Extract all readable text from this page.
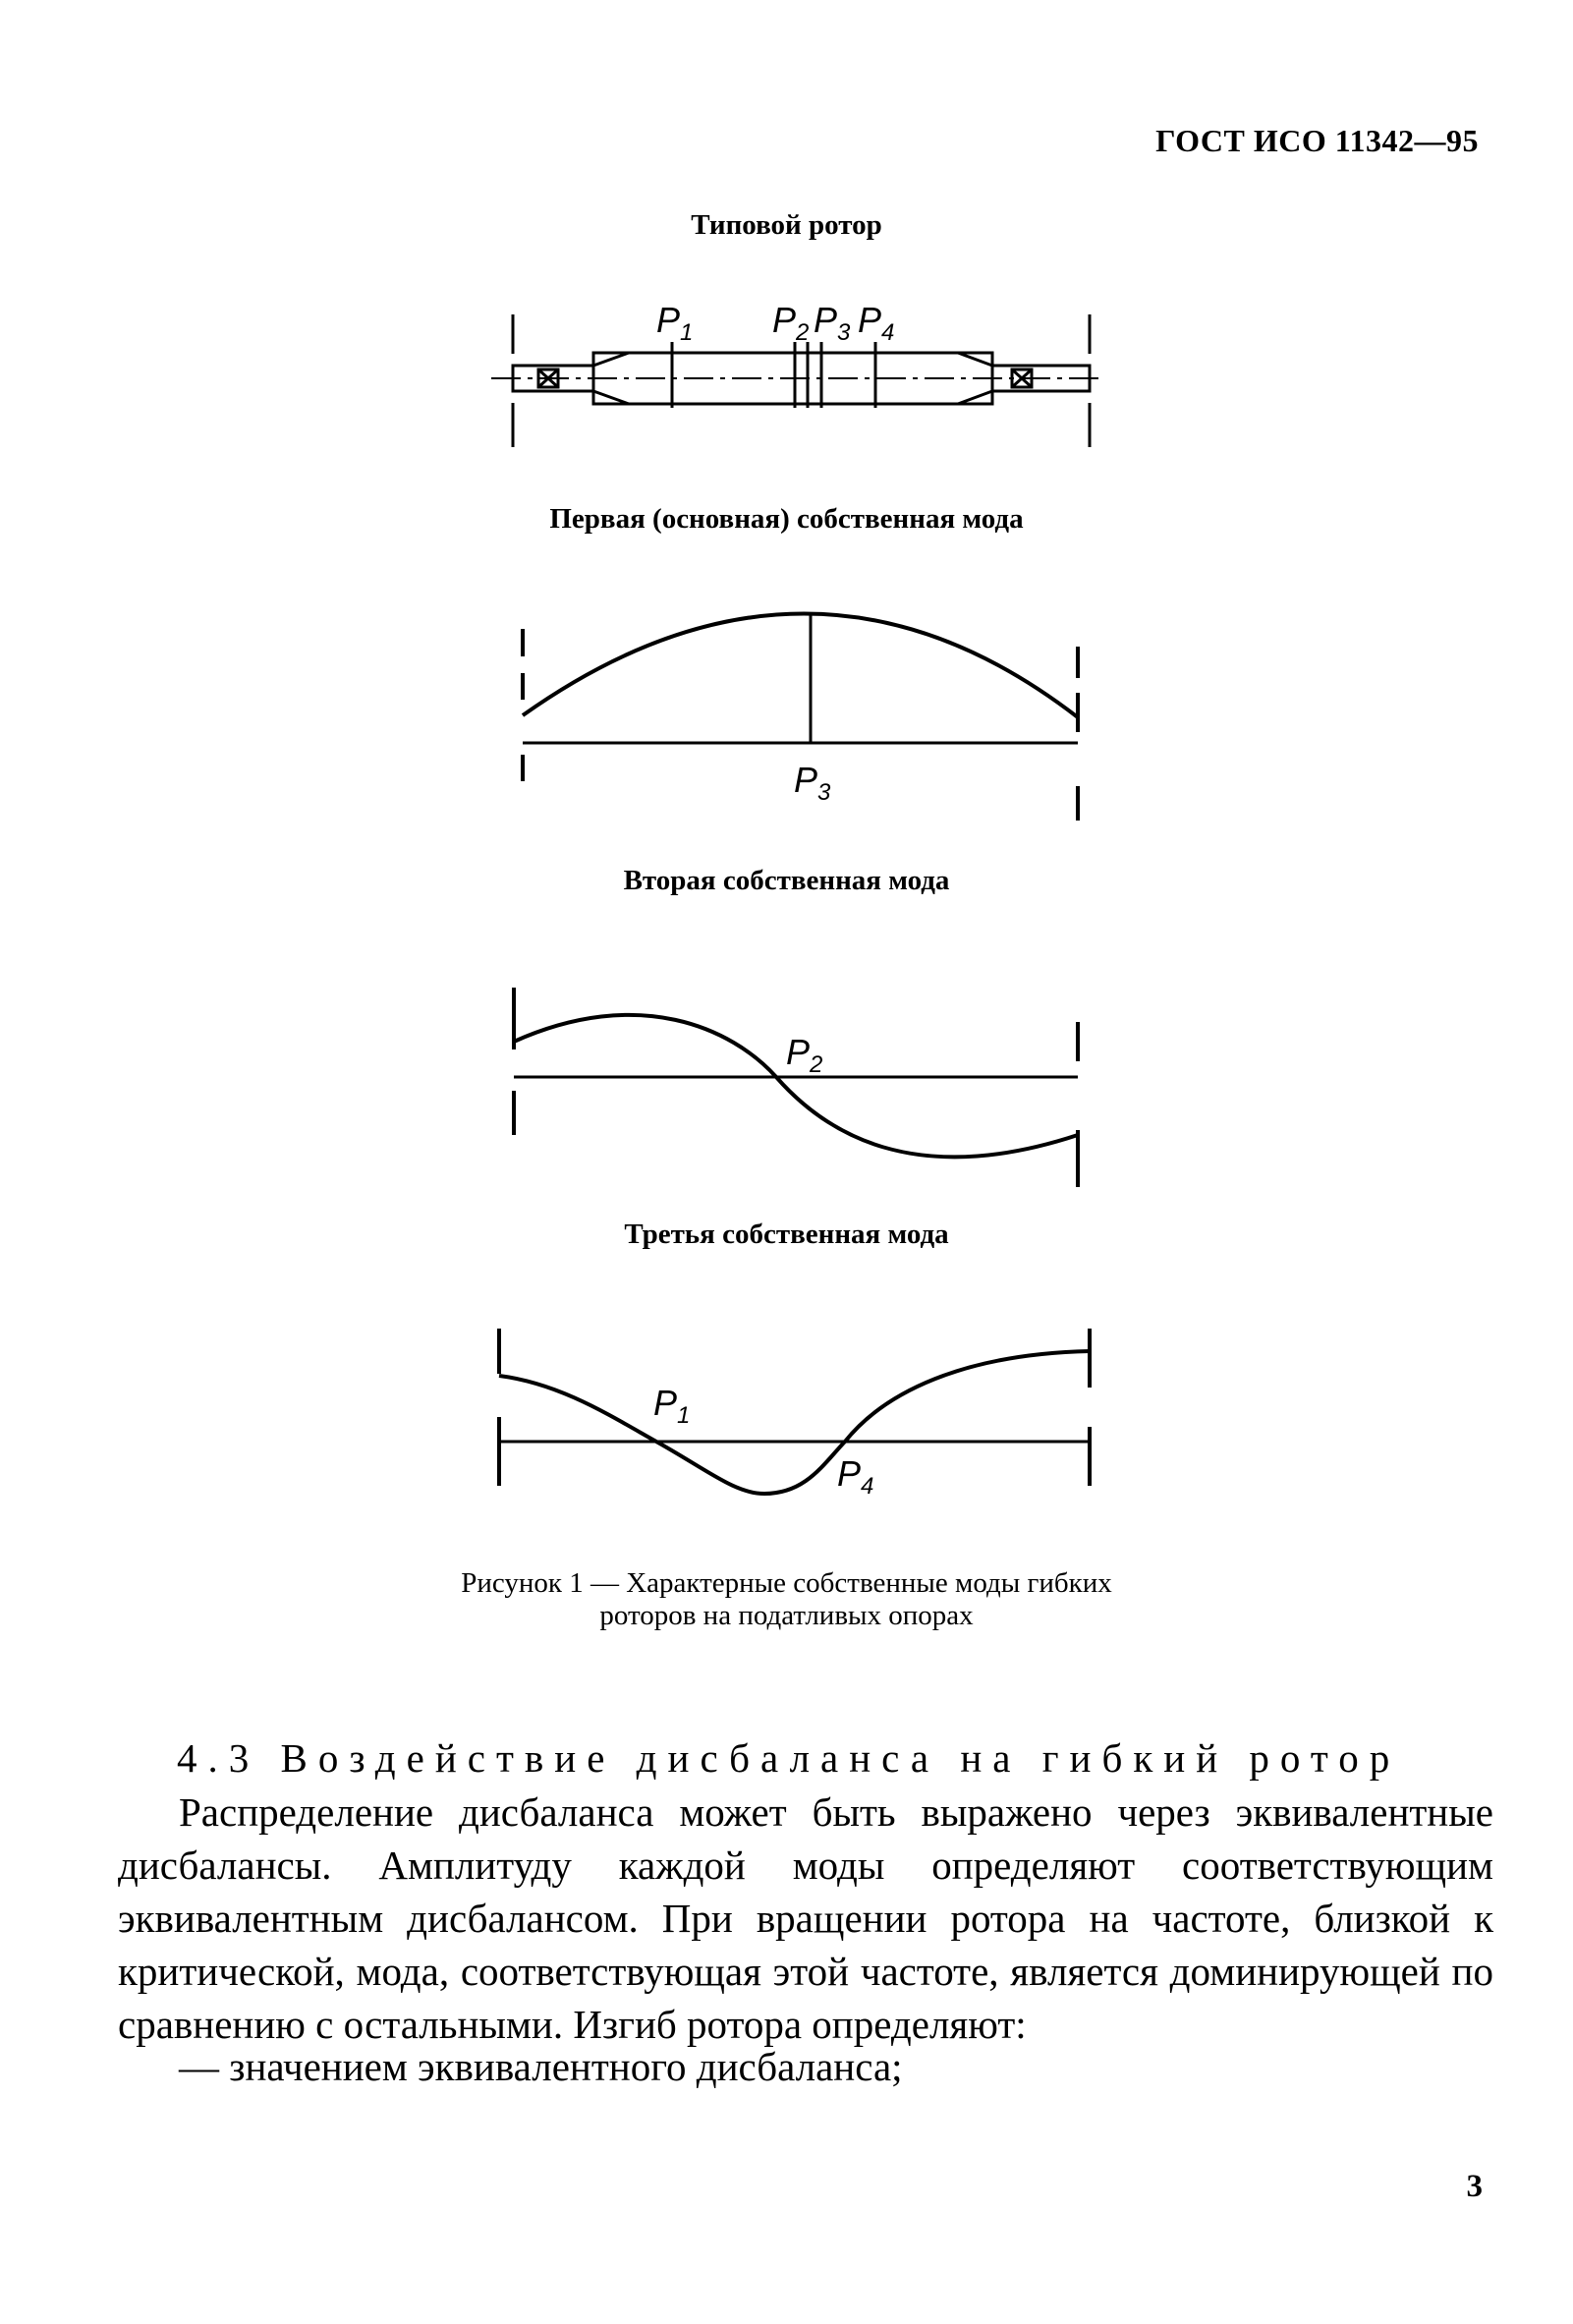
ГОСТ ИСО 11342—95
Типовой ротор
Первая (основная) собственная мода
Вторая собственная мода
Третья собственная мода
$P_1$ $P_2$ $P_3$ $P_4$
$P_3$
$P_2$
$P_1$
$P_4$
Рисунок 1 — Характерные собственные моды гибких
роторов на податливых опорах
4.3 Воздействие дисбаланса на гибкий ротор

Распределение дисбаланса может быть выражено через эквивалентные дисбалансы. Амплитуду каждой моды определяют соответствующим эквивалентным дисбалансом. При вращении ротора на частоте, близкой к критической, мода, соответствующая этой частоте, является доминирующей по сравнению с остальными. Изгиб ротора определяют:

— значением эквивалентного дисбаланса;
3
